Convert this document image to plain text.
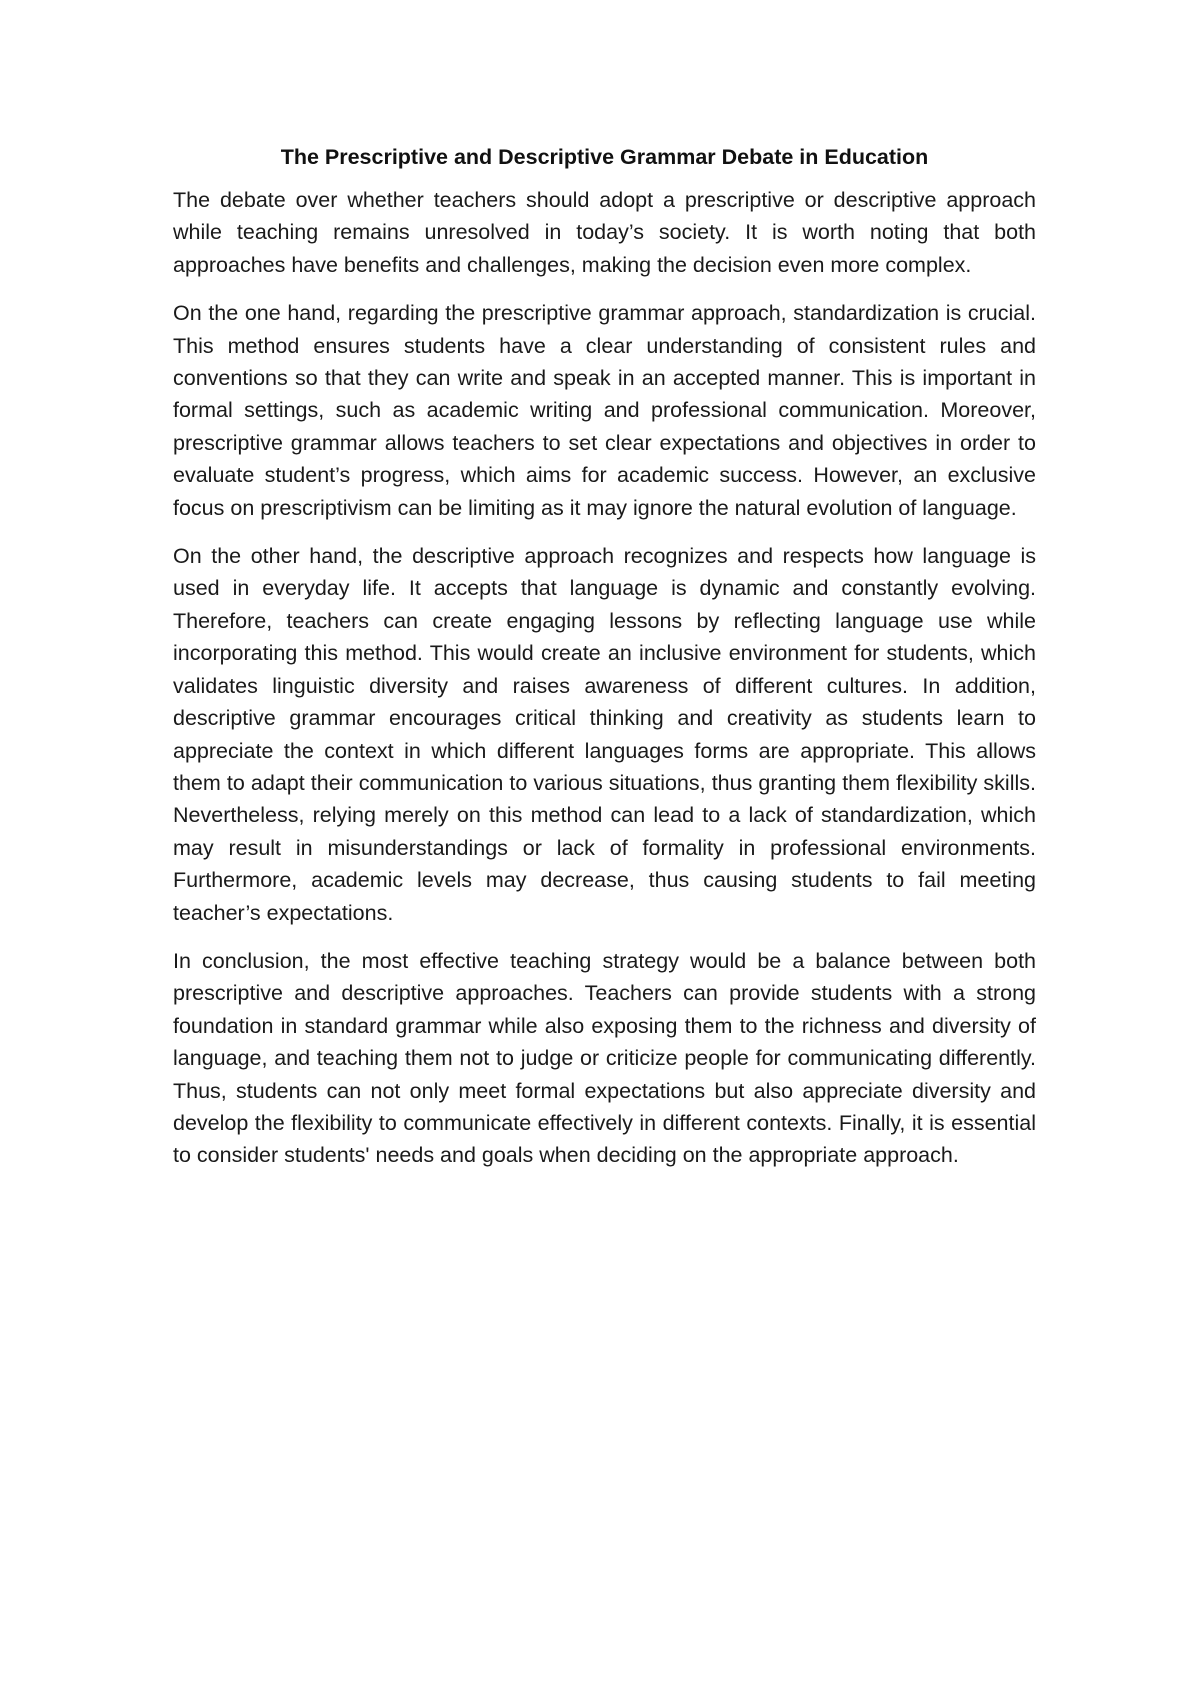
The Prescriptive and Descriptive Grammar Debate in Education

The debate over whether teachers should adopt a prescriptive or descriptive approach while teaching remains unresolved in today’s society. It is worth noting that both approaches have benefits and challenges, making the decision even more complex.

On the one hand, regarding the prescriptive grammar approach, standardization is crucial. This method ensures students have a clear understanding of consistent rules and conventions so that they can write and speak in an accepted manner. This is important in formal settings, such as academic writing and professional communication. Moreover, prescriptive grammar allows teachers to set clear expectations and objectives in order to evaluate student’s progress, which aims for academic success. However, an exclusive focus on prescriptivism can be limiting as it may ignore the natural evolution of language.

On the other hand, the descriptive approach recognizes and respects how language is used in everyday life. It accepts that language is dynamic and constantly evolving. Therefore, teachers can create engaging lessons by reflecting language use while incorporating this method. This would create an inclusive environment for students, which validates linguistic diversity and raises awareness of different cultures. In addition, descriptive grammar encourages critical thinking and creativity as students learn to appreciate the context in which different languages forms are appropriate. This allows them to adapt their communication to various situations, thus granting them flexibility skills. Nevertheless, relying merely on this method can lead to a lack of standardization, which may result in misunderstandings or lack of formality in professional environments. Furthermore, academic levels may decrease, thus causing students to fail meeting teacher’s expectations.

In conclusion, the most effective teaching strategy would be a balance between both prescriptive and descriptive approaches. Teachers can provide students with a strong foundation in standard grammar while also exposing them to the richness and diversity of language, and teaching them not to judge or criticize people for communicating differently. Thus, students can not only meet formal expectations but also appreciate diversity and develop the flexibility to communicate effectively in different contexts. Finally, it is essential to consider students' needs and goals when deciding on the appropriate approach.
